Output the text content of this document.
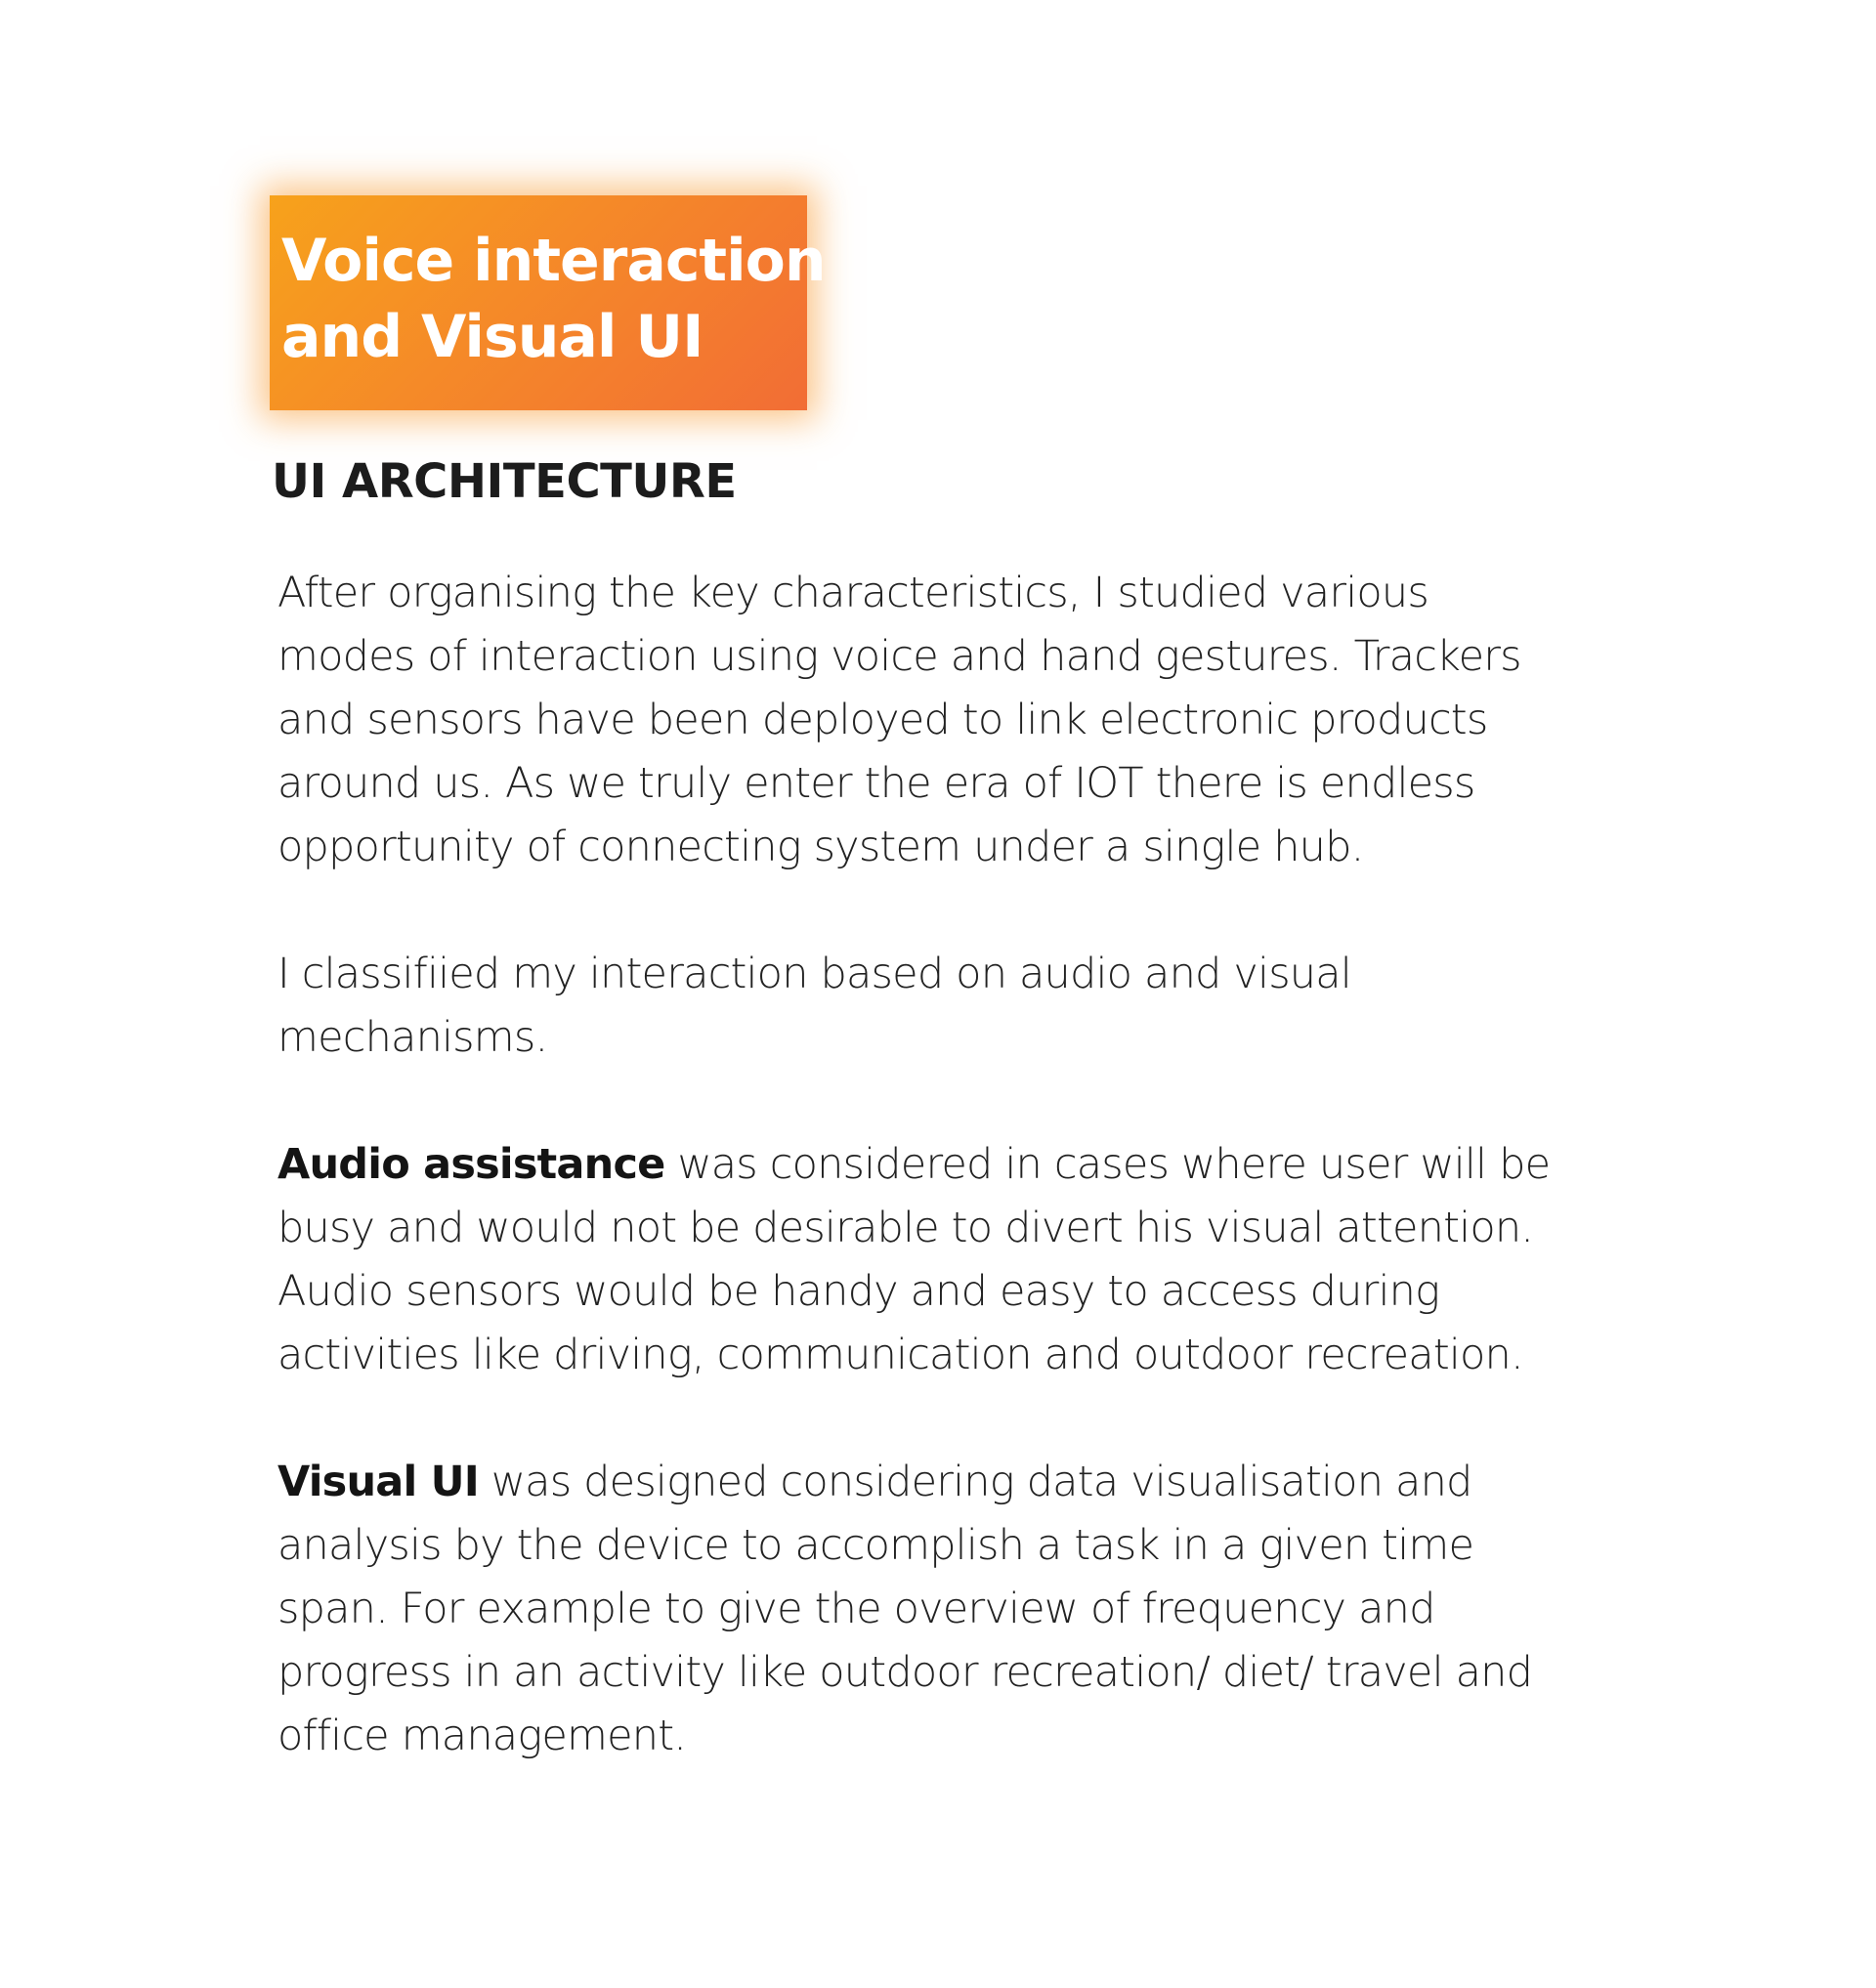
Voice interaction
and Visual UI
UI ARCHITECTURE

After organising the key characteristics, I studied various
modes of interaction using voice and hand gestures. Trackers
and sensors have been deployed to link electronic products
around us. As we truly enter the era of IOT there is endless
opportunity of connecting system under a single hub.

I classifiied my interaction based on audio and visual
mechanisms.

Audio assistance was considered in cases where user will be
busy and would not be desirable to divert his visual attention.
Audio sensors would be handy and easy to access during
activities like driving, communication and outdoor recreation.

Visual UI was designed considering data visualisation and
analysis by the device to accomplish a task in a given time
span. For example to give the overview of frequency and
progress in an activity like outdoor recreation/ diet/ travel and
office management.
